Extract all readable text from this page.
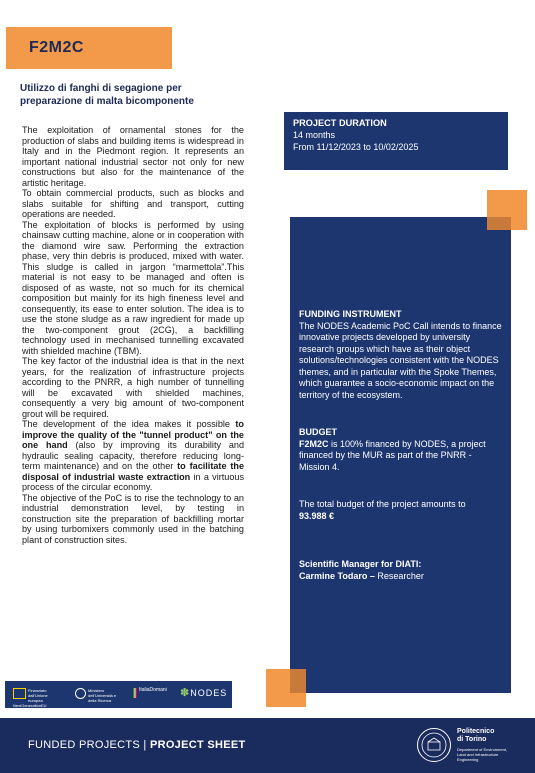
F2M2C
Utilizzo di fanghi di segagione per preparazione di malta bicomponente

The exploitation of ornamental stones for the production of slabs and building items is widespread in Italy and in the Piedmont region. It represents an important national industrial sector not only for new constructions but also for the maintenance of the artistic heritage.

To obtain commercial products, such as blocks and slabs suitable for shifting and transport, cutting operations are needed.

The exploitation of blocks is performed by using chainsaw cutting machine, alone or in cooperation with the diamond wire saw. Performing the extraction phase, very thin debris is produced, mixed with water. This sludge is called in jargon “marmettola”.This material is not easy to be managed and often is disposed of as waste, not so much for its chemical composition but mainly for its high fineness level and consequently, its ease to enter solution. The idea is to use the stone sludge as a raw ingredient for made up the two-component grout (2CG), a backfilling technology used in mechanised tunnelling excavated with shielded machine (TBM).

The key factor of the industrial idea is that in the next years, for the realization of infrastructure projects according to the PNRR, a high number of tunnelling will be excavated with shielded machines, consequently a very big amount of two-component grout will be required.

The development of the idea makes it possible to improve the quality of the "tunnel product" on the one hand (also by improving its durability and hydraulic sealing capacity, therefore reducing long-term maintenance) and on the other to facilitate the disposal of industrial waste extraction in a virtuous process of the circular economy.

The objective of the PoC is to rise the technology to an industrial demonstration level, by testing in construction site the preparation of backfilling mortar by using turbomixers commonly used in the batching plant of construction sites.

PROJECT DURATION
14 months
From 11/12/2023 to 10/02/2025
FUNDING INSTRUMENT
The NODES Academic PoC Call intends to finance innovative projects developed by university research groups which have as their object solutions/technologies consistent with the NODES themes, and in particular with the Spoke Themes, which guarantee a socio-economic impact on the territory of the ecosystem.
BUDGET
F2M2C is 100% financed by NODES, a project financed by the MUR as part of the PNRR - Mission 4.
The total budget of the project amounts to
93.988 €
Scientific Manager for DIATI:
Carmine Todaro – Researcher
Finanziato dall'Unione europea NextGenerationEU
Ministero dell'Università e della Ricerca
ItaliaDomani	✽NODES
FUNDED PROJECTS | PROJECT SHEET
Politecnico
di Torino
Department of Environment, Land and Infrastructure Engineering
